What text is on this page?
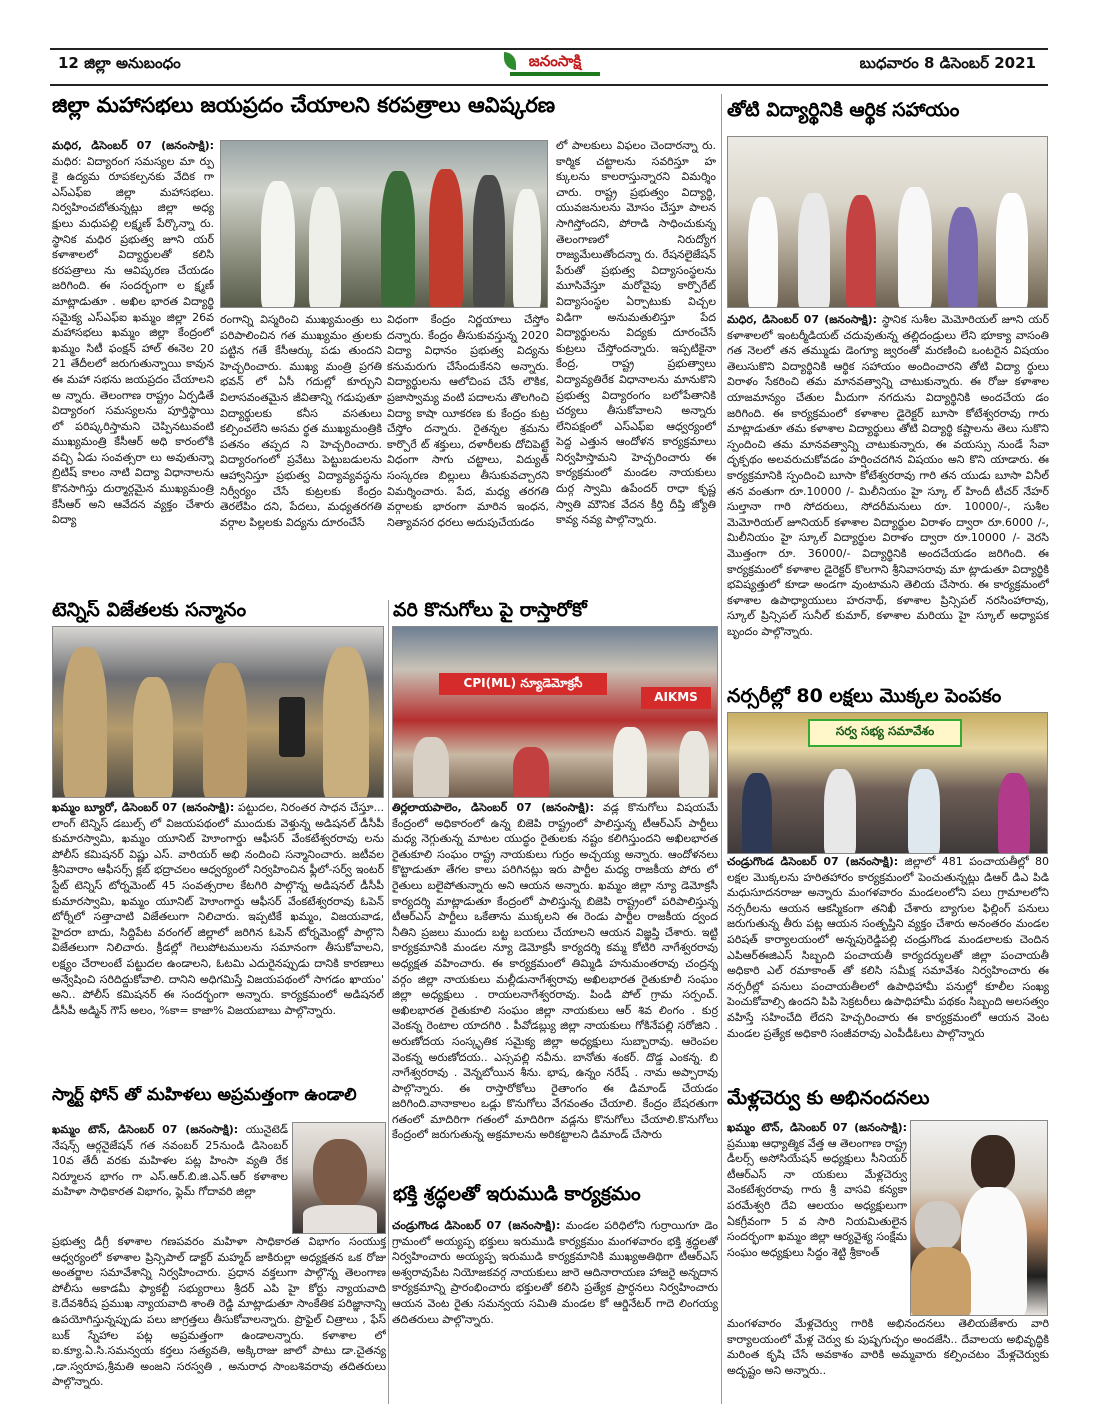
12 జిల్లా అనుబంధం	జనంసాక్షి	బుధవారం 8 డిసెంబర్ 2021
జిల్లా మహాసభలు జయప్రదం చేయాలని కరపత్రాలు ఆవిష్కరణ
మధిర, డిసెంబర్ 07 (జనంసాక్షి): మధిర: విద్యారంగ సమస్యల మా ర్పు కై ఉద్యమ రూపకల్పనకు వేదిక గా ఎస్ఎఫ్ఐ జిల్లా మహాసభలు. నిర్వహించబోతున్నట్లు జిల్లా అధ్య క్షులు మధుపల్లి లక్ష్మణ్ పేర్కొన్నా రు. స్థానిక మధిర ప్రభుత్వ జూని యర్ కళాశాలలో విద్యార్థులతో కలిసి కరపత్రాలు ను ఆవిష్కరణ చేయడం జరిగింది. ఈ సందర్భంగా ల క్ష్మణ్ మాట్లాడుతూ . అఖిల భారత విద్యార్థి సమైక్య ఎస్ఎఫ్ఐ ఖమ్మం జిల్లా 26వ మహాసభలు ఖమ్మం జిల్లా కేంద్రంలో ఖమ్మం సిటీ ఫంక్షన్ హాల్ ఈనెల 20 21 తేదీలలో జరుగుతున్నాయి కావున ఈ మహా సభను జయప్రదం చేయాలని అ న్నారు. తెలంగాణ రాష్ట్రం ఏర్పడితే విద్యారంగ సమస్యలను పూర్తిస్థాయి లో పరిష్కరిస్తామని చెప్పినటువంటి ముఖ్యమంత్రి కేసీఆర్ అధి కారంలోకి వచ్చి ఏడు సంవత్సరా లు అవుతున్నా బ్రిటిష్ కాలం నాటి విద్యా విధానాలను కొనసాగిస్తు దుర్మార్గమైన ముఖ్యమంత్రి కేసీఆర్ అని ఆవేదన వ్యక్తం చేశారు విద్యా
రంగాన్ని విస్మరించి ముఖ్యమంత్రు లు పరిపాలించిన గత ముఖ్యమం త్రులకు పట్టిన గతే కేసీఆర్కు పడు తుందని హెచ్చరించారు. ముఖ్య మంత్రి ప్రగతి భవన్ లో ఏసీ గదుల్లో కూర్చుని విలాసవంతమైన జీవితాన్ని గడుపుతూ విద్యార్థులకు కనీస వసతులు కల్పించలేని అసమ ర్థత ముఖ్యమంత్రికి పతనం తప్పద ని హెచ్చరించారు. విద్యారంగంలో ప్రవేటు పెట్టుబడులను ఆహ్వానిస్తూ ప్రభుత్వ విద్యావ్యవస్థను నిర్వీర్యం చేసే కుట్రలకు కేంద్రం తెరలేపిం దని, పేదలు, మధ్యతరగతి వర్గాల పిల్లలకు విద్యను దూరంచేసే
విధంగా కేంద్రం నిర్ణయాలు చేస్తోం దన్నారు. కేంద్రం తీసుకువస్తున్న 2020 విద్యా విధానం ప్రభుత్వ విద్యను కనుమరుగు చేసేందుకేనని అన్నారు. విద్యార్థులను ఆలోచింప చేసే లౌకిక, ప్రజాస్వామ్య వంటి పదాలను తొలగించి విద్యా కాషా యీకరణ కు కేంద్రం కుట్ర చేస్తోం దన్నారు. రైతన్నల శ్రమను కార్పొరే ట్ శక్తులు, దళారీలకు దోచిపెట్టే విధంగా సాగు చట్టాలు, విద్యుత్ సంస్కరణ బిల్లులు తీసుకువచ్చారని విమర్శించారు. పేద, మధ్య తరగతి వర్గాలకు భారంగా మారిన ఇంధన, నిత్యావసర ధరలు అదుపుచేయడం
లో పాలకులు విఫలం చెందారన్నా రు. కార్మిక చట్టాలను సవరిస్తూ హ క్కులను కాలరాస్తున్నారని విమర్శిం చారు. రాష్ట్ర ప్రభుత్వం విద్యార్థి, యువజనులను మోసం చేస్తూ పాలన సాగిస్తోందని, పోరాడి సాధించుకున్న తెలంగాణలో నిరుద్యోగ రాజ్యమేలుతోందన్నా రు. రేషనలైజేషన్ పేరుతో ప్రభుత్వ విద్యాసంస్థలను మూసివేస్తూ మరోవైపు కార్పొరేట్ విద్యాసంస్థల ఏర్పాటుకు విచ్చల విడిగా అనుమతులిస్తూ పేద విద్యార్థులను విద్యకు దూరంచేసే కుట్రలు చేస్తోందన్నారు. ఇప్పటికైనా కేంద్ర, రాష్ట్ర ప్రభుత్వాలు విద్యావ్యతిరేక విధానాలను మానుకొని ప్రభుత్వ విద్యారంగం బలోపేతానికి చర్యలు తీసుకోవాలని అన్నారు లేనిపక్షంలో ఎస్ఎఫ్ఐ ఆధ్వర్యంలో పెద్ద ఎత్తున ఆందోళన కార్యక్రమాలు నిర్వహిస్తామని హెచ్చరించారు ఈ కార్యక్రమంలో మండల నాయకులు దుర్గ స్వామి ఉపేందర్ రాధా కృష్ణ స్వాతి మౌనిక వేదన కీర్తి దీప్తి జ్యోతి కావ్య నవ్య పాల్గొన్నారు.
తోటి విద్యార్థినికి ఆర్థిక సహాయం
మధిర, డిసెంబర్ 07 (జనంసాక్షి): స్థానిక సుశీల మెమోరియల్ జూని యర్ కళాశాలలో ఇంటర్మీడియట్ చదువుతున్న తల్లిదండ్రులు లేని భూక్యా వాసంతి గత నెలలో తన తమ్ముడు డెంగ్యూ జ్వరంతో మరణించి ఒంటరైన విషయం తెలుసుకొని విద్యార్థినికి ఆర్థిక సహాయం అందించారని తోటి విద్యా ర్థులు విరాళం సేకరించి తమ మానవత్వాన్ని చాటుకున్నారు. ఈ రోజు కళాశాల యాజమాన్యం చేతుల మీదుగా నగదును విద్యార్థినికి అందచేయ డం జరిగింది. ఈ కార్యక్రమంలో కళాశాల డైరెక్టర్ బూసా కోటేశ్వరరావు గారు మాట్లాడుతూ తమ కళాశాల విద్యార్థులు తోటి విద్యార్థి కష్టాలను తెలు సుకొని స్పందించి తమ మానవత్వాన్ని చాటుకున్నారు, ఈ వయస్సు నుండే సేవా దృక్పథం అలవరుచుకోవడం హర్షించదగిన విషయం అని కొని యాడారు. ఈ కార్యక్రమానికి స్పందించి బూసా కోటేశ్వరరావు గారి తన యుడు బూసా వినీల్ తన వంతుగా రూ.10000 /- మిలీనియం హై స్కూ ల్ హిందీ టీచర్ నేహర్ సుల్తానా గారి సోదరులు, సోదరీమనులు రూ. 10000/-, సుశీల మెమోరియల్ జూనియర్ కళాశాల విద్యార్థుల విరాళం ద్వారా రూ.6000 /-, మిలీనియం హై స్కూల్ విద్యార్థుల విరాళం ద్వారా రూ.10000 /- వెరసి మొత్తంగా రూ. 36000/- విద్యార్థినికి అందచేయడం జరిగింది. ఈ కార్యక్రమంలో కళాశాల డైరెక్టర్ కొలగాని శ్రీనివాసరావు మా ట్లాడుతూ విద్యార్థికి భవిష్యత్తులో కూడా అండగా వుంటామని తెలియ చేసారు. ఈ కార్యక్రమంలో కళాశాల ఉపాధ్యాయులు హరనాథ్, కళాశాల ప్రిన్సిపల్ నరసింహారావు, స్కూల్ ప్రిన్సిపల్ సునీల్ కుమార్, కళాశాల మరియు హై స్కూల్ అధ్యాపక బృందం పాల్గొన్నారు.
టెన్నిస్ విజేతలకు సన్మానం
ఖమ్మం బ్యూరో, డిసెంబర్ 07 (జనంసాక్షి): పట్టుదల, నిరంతర సాధన చేస్తూ... లాంగ్ టెన్నిస్ డబుల్స్ లో విజయపథంలో ముందుకు వెళ్తున్న అడిషనల్ డీసీపీ కుమారస్వామి, ఖమ్మం యూనిట్ హెూంగార్డు ఆఫీసర్ వేంకటేశ్వరరావు లను పోలీస్ కమిషనర్ విష్ణు ఎస్. వారియర్ అభి నందించి సన్మానించారు. జటీవల శ్రీనివారాం ఆఫీసర్స్ క్లబ్ భద్రాచలం ఆధ్వర్యంలో నిర్వహించిన ఫ్లీలో-సర్వ్ ఇంటర్ స్టేట్ టెన్నిస్ టోర్నమెంట్ 45 సంవత్సరాల కేటగిరి పాల్గొన్న అడిషనల్ డీసీపీ కుమారస్వామి, ఖమ్మం యూనిట్ హెూంగార్డు ఆఫీసర్ వేంకటేశ్వరరావు ఓపెన్ టోర్నీలో సత్తాచాటి విజేతలుగా నిలిచారు. ఇప్పటికే ఖమ్మం, విజయవాడ, హైదరా బాదు, సిద్దిపేట వరంగల్ జిల్లాలో జరిగిన ఓపెన్ టోర్నమెంట్లో పాల్గొని విజేతలుగా నిలిచారు. క్రీడల్లో గెలుపోటములను సమానంగా తీసుకోవాలని, లక్ష్యం చేరాలంటే పట్టుదల ఉండాలని, ఓటమి ఎదురైనప్పుడు దానికి కారణాలు అన్వేషించి సరిదిద్దుకోవాలి. దానిని అధిగమిస్తే విజయపథంలో సాగడం ఖాయం' అని.. పోలీస్ కమిషనర్ ఈ సందర్భంగా అన్నారు. కార్యక్రమంలో అడిషనల్ డీసీపీ అడ్మిన్ గౌస్ అలం, %కా= కాజా% విజయబాబు పాల్గొన్నారు.
వరి కొనుగోలు పై రాస్తారోకో
CPI(ML) న్యూడెమోక్రసీ
AIKMS
తిర్లలాయపాలెం, డిసెంబర్ 07 (జనంసాక్షి): వడ్ల కొనుగోలు విషయమే కేంద్రంలో అధికారంలో ఉన్న బిజెపి రాష్ట్రంలో పాలిస్తున్న టీఆర్ఎస్ పార్టీలు మధ్య నెగ్గుతున్న మాటల యుద్ధం రైతులకు నష్టం కలిగిస్తుందని అఖిలభారత రైతుకూలి సంఘం రాష్ట్ర నాయకులు గుర్రం అచ్చయ్య అన్నారు. ఆందోళనలు కొట్టాడుతూ తేగల కాలు పరిగినట్లు ఇరు పార్టీల మధ్య రాజకీయ పోరు లో రైతులు బలైపోతున్నారు అని ఆయన అన్నారు. ఖమ్మం జిల్లా న్యూ డెమోక్రసీ కార్యదర్శి మాట్లాడుతూ కేంద్రంలో పాలిస్తున్న బిజెపి రాష్ట్రంలో పరిపాలిస్తున్న టీఆర్ఎస్ పార్టీలు ఒకేతాను ముక్కలని ఈ రెండు పార్టీల రాజకీయ ద్వంద నీతిని ప్రజలు ముందు బట్ట బయలు చేయాలని ఆయన విజ్ఞప్తి చేశారు. ఇట్టి కార్యక్రమానికి మండల న్యూ డెమోక్రసీ కార్యదర్శి కమ్మ కోటిరి నాగేశ్వరరావు అధ్యక్షత వహించారు. ఈ కార్యక్రమంలో తిమ్మిడి హనుమంతరావు చంద్రన్న వర్గం జిల్లా నాయకులు మల్లీడునాగేశ్వరావు అఖిలభారత రైతుకూలీ సంఘం జిల్లా అధ్యక్షులు . రాయలనాగేశ్వరరావు. పిండి పోల్ గ్రామ సర్పంచ్. అఖిలభారత రైతుకూలి సంఘం జిల్లా నాయకులు ఆర్ శివ లింగం . కుర్ర వెంకన్న రెంటాల యాదగిరి . పీవోడబ్ల్యు జిల్లా నాయకులు గోకినేపల్లి సరోజిని . అరుణోదయ సంస్కృతిక సమైక్య జిల్లా అధ్యక్షులు సుబ్బారావు. ఆరెంపల వెంకన్న అరుణోదయ.. ఎస్సపల్లి నవీను. బానోతు శంకర్. దొడ్డ ఎంకన్న. బి నాగేశ్వరరావు . వెన్నబోయిన శీను. భాష, ఉన్నం నరేష్ . నామ అప్పారావు పాల్గొన్నారు. ఈ రాస్తారోకోలు రైతాంగం ఈ డిమాండ్ చేయడం జరిగింది.వానాకాలం ఒడ్లు కొనుగోలు వేగవంతం చేయాలి. కేంద్రం బేషరతుగా గతంలో మాదిరిగా గతంలో మాదిరిగా వడ్లను కొనుగోలు చేయాలి.కొనుగోలు కేంద్రంలో జరుగుతున్న అక్రమాలను అరికట్టాలని డిమాండ్ చేసారు
నర్సరీల్లో 80 లక్షలు మొక్కల పెంపకం
సర్వ సభ్య సమావేశం
చండ్రుగొండ డిసెంబర్ 07 (జనంసాక్షి): జిల్లాలో 481 పంచాయతీల్లో 80 లక్షల మొక్కలను హరితహారం కార్యక్రమంలో పెంచుతున్నట్లు డిఆర్ డిఎ పిడి మధుసూదనరాజు అన్నారు మంగళవారం మండలంలోని పలు గ్రామాలలోని నర్సరీలను ఆయన ఆకస్మికంగా తనిఖీ చేశారు బ్యాగుల ఫిల్లింగ్ పనులు జరుగుతున్న తీరు పట్ల ఆయన సంతృప్తిని వ్యక్తం చేశారు అనంతరం మండల పరిషత్ కార్యాలయంలో అన్నపురెడ్డిపల్లి చండ్రుగొండ మండలాలకు చెందిన ఎపిఆర్ఈజిఎస్ సిబ్బంది పంచాయతీ కార్యదర్శులతో జిల్లా పంచాయతీ అధికారి ఎల్ రమాకాంత్ తో కలిసి సమీక్ష సమావేశం నిర్వహించారు ఈ నర్సరీల్లో పనులు పంచాయతీలలో ఉపాధిహామీ పనుల్లో కూలీల సంఖ్య పెంచుకోవాల్సి ఉందని పిపి సెక్రటరీలు ఉపాధిహామీ పథకం సిబ్బంది అలసత్వం వహిస్తే సహించేది లేదని హెచ్చరించారు ఈ కార్యక్రమంలో ఆయన వెంట మండల ప్రత్యేక అధికారి సంజీవరావు ఎంపీడీఓలు పాల్గొన్నారు
స్మార్ట్ ఫోన్ తో మహిళలు అప్రమత్తంగా ఉండాలి
ఖమ్మం టౌన్, డిసెంబర్ 07 (జనంసాక్షి): యునైటెడ్ నేషన్స్ ఆర్గనైజేషన్ గత నవంబర్ 25నుండి డిసెంబర్ 10వ తేదీ వరకు మహిళల పట్ల హింసా వ్యతి రేక నిర్మూలన భాగం గా ఎస్.ఆర్.బి.జి.ఎన్.ఆర్ కళాశాల మహిళా సాధికారత విభాగం, ఫ్లెమ్ గోదావరి జిల్లా
ప్రభుత్వ డిగ్రీ కళాశాల గణపవరం మహిళా సాధికారత విభాగం సంయుక్త ఆధ్వర్యంలో కళాశాల ప్రిన్సిపాల్ డాక్టర్ మహ్మద్ జాకిరుల్లా అధ్యక్షతన ఒక రోజు అంతర్జాల సమావేశాన్ని నిర్వహించారు. ప్రధాన వక్తలుగా పాల్గొన్న తెలంగాణ పోలీసు అకాడమీ ఫ్యాకల్టీ సభ్యురాలు శ్రీదర్ ఎపి హై కోర్టు న్యాయవాది కె.దేవశిరీష ప్రముఖ న్యాయవాది శాంతి రెడ్డి మాట్లాడుతూ సాంకేతిక పరిజ్ఞానాన్ని ఉపయోగిస్తున్నప్పుడు పలు జాగ్రత్తలు తీసుకోవాలన్నారు. ప్రొఫైల్ చిత్రాలు , ఫేస్ బుక్ స్నేహాల పట్ల అప్రమత్తంగా ఉండాలన్నారు. కళాశాల లో ఐ.క్యూ.ఏ.సి.సమన్వయ కర్తలు సత్యవతి, అక్కిరాజు జాలో పాటు డా.చైతన్య ,డా.స్వరూప,శ్రీమతి అంజని సరస్వతి , అనురాధ సాంబశివరావు తదితరులు పాల్గొన్నారు.
భక్తి శ్రద్ధలతో ఇరుముడి కార్యక్రమం
చండ్రుగొండ డిసెంబర్ 07 (జనంసాక్షి): మండల పరిధిలోని గుర్రాయిగూ డెం గ్రామంలో అయ్యప్ప భక్తులు ఇరుముడి కార్యక్రమం మంగళవారం భక్తి శ్రద్ధలతో నిర్వహించారు అయ్యప్ప ఇరుముడి కార్యక్రమానికి ముఖ్యఅతిథిగా టీఆర్ఎస్ అశ్వరావుపేట నియోజకవర్గ నాయకులు జారె ఆదినారాయణ హాజరై అన్నదాన కార్యక్రమాన్ని ప్రారంభించారు భక్తులతో కలిసి ప్రత్యేక ప్రార్ధనలు నిర్వహించారు ఆయన వెంట రైతు సమన్వయ సమితి మండల కో ఆర్డినేటర్ గాదె లింగయ్య తదితరులు పాల్గొన్నారు.
మేళ్లచెర్వు కు అభినందనలు
ఖమ్మం టౌన్, డిసెంబర్ 07 (జనంసాక్షి): ప్రముఖ ఆధ్యాత్మిక వేత్త ఆ తెలంగాణ రాష్ట్ర డీలర్స్ అసోసియేషన్ అధ్యక్షులు సీనియర్ టీఆర్ఎస్ నా యకులు మేళ్లచెర్వు వెంకటేశ్వరరావు గారు శ్రీ వాసవి కన్యకా పరమేశ్వరి దేవి ఆలయం అధ్యక్షులుగా ఏకగ్రీవంగా 5 వ సారి నియమితులైన సందర్భంగా ఖమ్మం జిల్లా ఆర్యవైశ్య సంక్షేమ సంఘం అధ్యక్షులు సిద్దం శెట్టి శ్రీకాంత్
మంగళవారం మేళ్లచెర్వు గారికి అభినందనలు తెలియజేశారు వారి కార్యాలయంలో మేళ్ల చెర్వు కు పుష్పగుచ్ఛం అందజేసి.. దేవాలయ అభివృద్ధికి మరింత కృషి చేసే అవకాశం వారికి అమ్మవారు కల్పించటం మేళ్లచెర్వుకు అదృష్టం అని అన్నారు..
